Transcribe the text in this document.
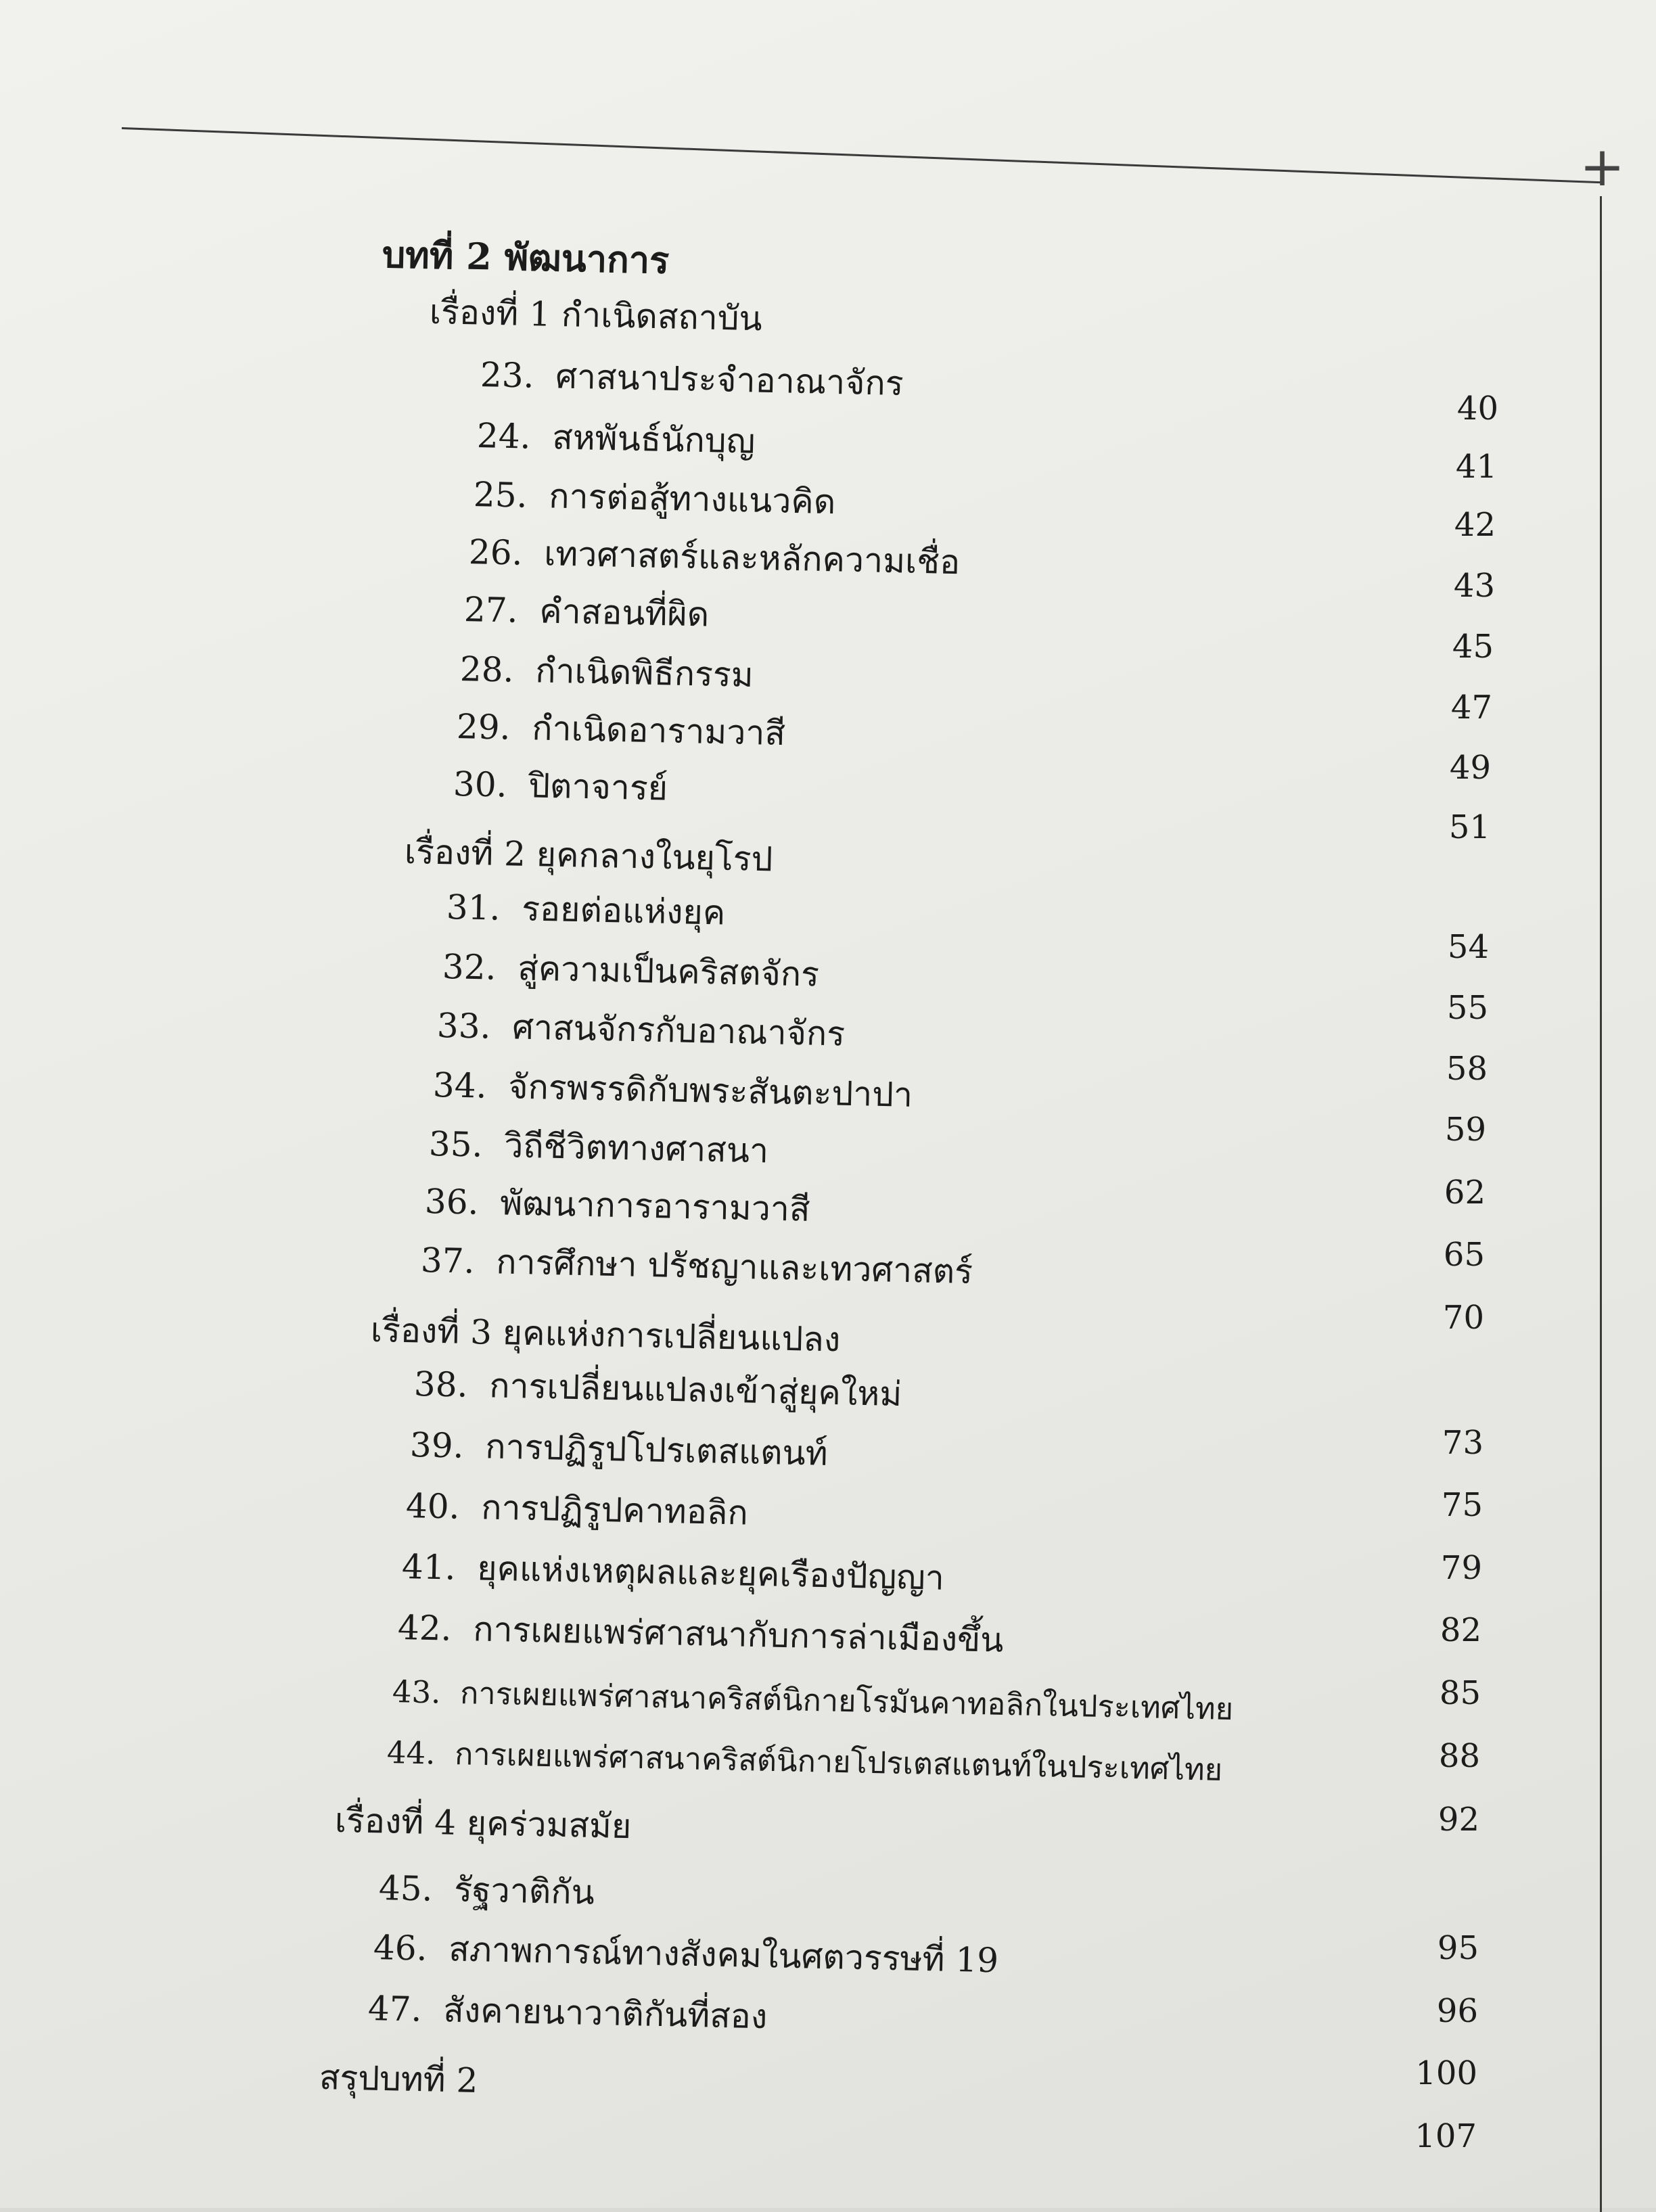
+

บทที่ 2 พัฒนาการ
เรื่องที่ 1 กำเนิดสถาบัน
23. ศาสนาประจำอาณาจักร
24. สหพันธ์นักบุญ
25. การต่อสู้ทางแนวคิด
26. เทวศาสตร์และหลักความเชื่อ
27. คำสอนที่ผิด
28. กำเนิดพิธีกรรม
29. กำเนิดอารามวาสี
30. ปิตาจารย์
เรื่องที่ 2 ยุคกลางในยุโรป
31. รอยต่อแห่งยุค
32. สู่ความเป็นคริสตจักร
33. ศาสนจักรกับอาณาจักร
34. จักรพรรดิกับพระสันตะปาปา
35. วิถีชีวิตทางศาสนา
36. พัฒนาการอารามวาสี
37. การศึกษา ปรัชญาและเทวศาสตร์
เรื่องที่ 3 ยุคแห่งการเปลี่ยนแปลง
38. การเปลี่ยนแปลงเข้าสู่ยุคใหม่
39. การปฏิรูปโปรเตสแตนท์
40. การปฏิรูปคาทอลิก
41. ยุคแห่งเหตุผลและยุคเรืองปัญญา
42. การเผยแพร่ศาสนากับการล่าเมืองขึ้น
43. การเผยแพร่ศาสนาคริสต์นิกายโรมันคาทอลิกในประเทศไทย
44. การเผยแพร่ศาสนาคริสต์นิกายโปรเตสแตนท์ในประเทศไทย
เรื่องที่ 4 ยุคร่วมสมัย
45. รัฐวาติกัน
46. สภาพการณ์ทางสังคมในศตวรรษที่ 19
47. สังคายนาวาติกันที่สอง
สรุปบทที่ 2
40
41
42
43
45
47
49
51
54
55
58
59
62
65
70
73
75
79
82
85
88
92
95
96
100
107
